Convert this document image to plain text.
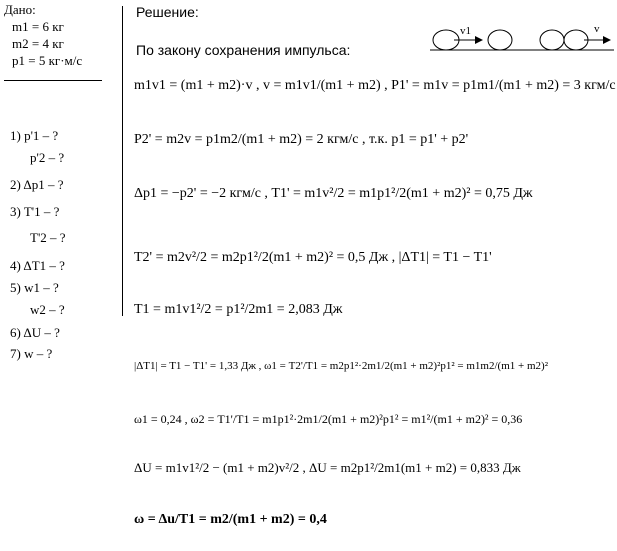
Дано:
m1 = 6 кг
m2 = 4 кг
p1 = 5 кг·м/с
1) p'1 – ?
p'2 – ?
2) Δp1 – ?
3) T'1 – ?
T'2 – ?
4) ΔT1 – ?
5) w1 – ?
w2 – ?
6) ΔU – ?
7) w – ?
Решение:
По закону сохранения импульса:
v1	v
m1v1 = (m1 + m2)·v , v = m1v1/(m1 + m2) , P1' = m1v = p1m1/(m1 + m2) = 3 кгм/с
P2' = m2v = p1m2/(m1 + m2) = 2 кгм/с , т.к. p1 = p1' + p2'
Δp1 = −p2' = −2 кгм/с , T1' = m1v²/2 = m1p1²/2(m1 + m2)² = 0,75 Дж
T2' = m2v²/2 = m2p1²/2(m1 + m2)² = 0,5 Дж , |ΔT1| = T1 − T1'
T1 = m1v1²/2 = p1²/2m1 = 2,083 Дж
|ΔT1| = T1 − T1' = 1,33 Дж , ω1 = T2'/T1 = m2p1²·2m1/2(m1 + m2)²p1² = m1m2/(m1 + m2)²
ω1 = 0,24 , ω2 = T1'/T1 = m1p1²·2m1/2(m1 + m2)²p1² = m1²/(m1 + m2)² = 0,36
ΔU = m1v1²/2 − (m1 + m2)v²/2 , ΔU = m2p1²/2m1(m1 + m2) = 0,833 Дж
ω = Δu/T1 = m2/(m1 + m2) = 0,4
